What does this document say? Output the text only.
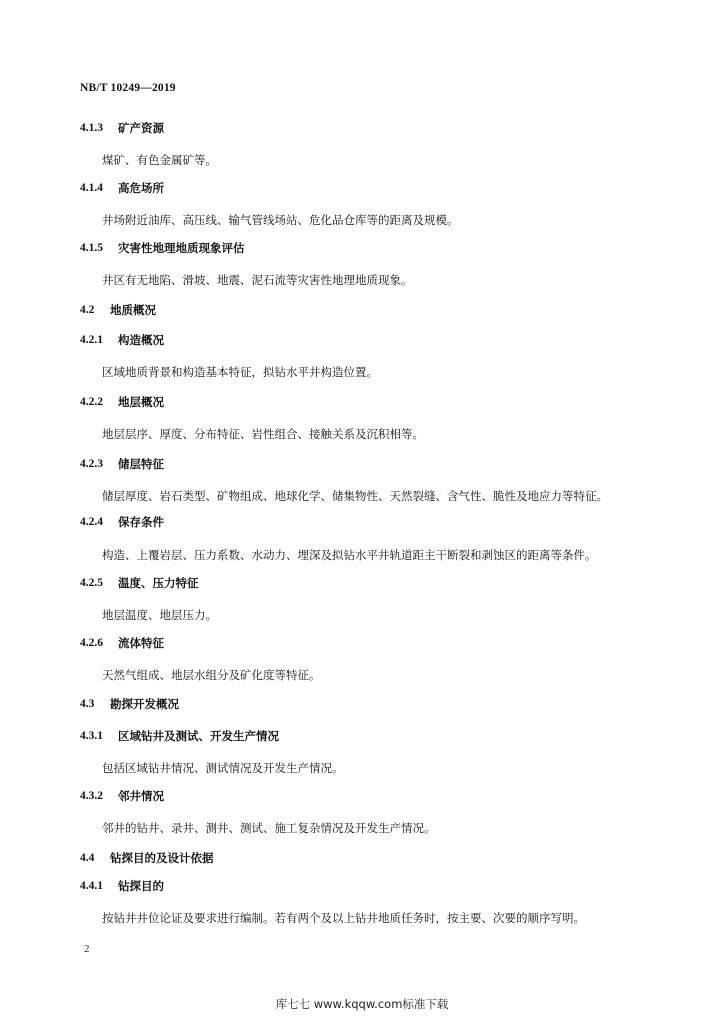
NB/T 10249—2019
4.1.3 矿产资源
煤矿、有色金属矿等。
4.1.4 高危场所
井场附近油库、高压线、输气管线场站、危化品仓库等的距离及规模。
4.1.5 灾害性地理地质现象评估
井区有无地陷、滑坡、地震、泥石流等灾害性地理地质现象。
4.2 地质概况
4.2.1 构造概况
区域地质背景和构造基本特征，拟钻水平井构造位置。
4.2.2 地层概况
地层层序、厚度、分布特征、岩性组合、接触关系及沉积相等。
4.2.3 储层特征
储层厚度、岩石类型、矿物组成、地球化学、储集物性、天然裂缝、含气性、脆性及地应力等特征。
4.2.4 保存条件
构造、上覆岩层、压力系数、水动力、埋深及拟钻水平井轨道距主干断裂和剥蚀区的距离等条件。
4.2.5 温度、压力特征
地层温度、地层压力。
4.2.6 流体特征
天然气组成、地层水组分及矿化度等特征。
4.3 勘探开发概况
4.3.1 区域钻井及测试、开发生产情况
包括区域钻井情况、测试情况及开发生产情况。
4.3.2 邻井情况
邻井的钻井、录井、测井、测试、施工复杂情况及开发生产情况。
4.4 钻探目的及设计依据
4.4.1 钻探目的
按钻井井位论证及要求进行编制。若有两个及以上钻井地质任务时，按主要、次要的顺序写明。
2
库七七 www.kqqw.com标准下载
